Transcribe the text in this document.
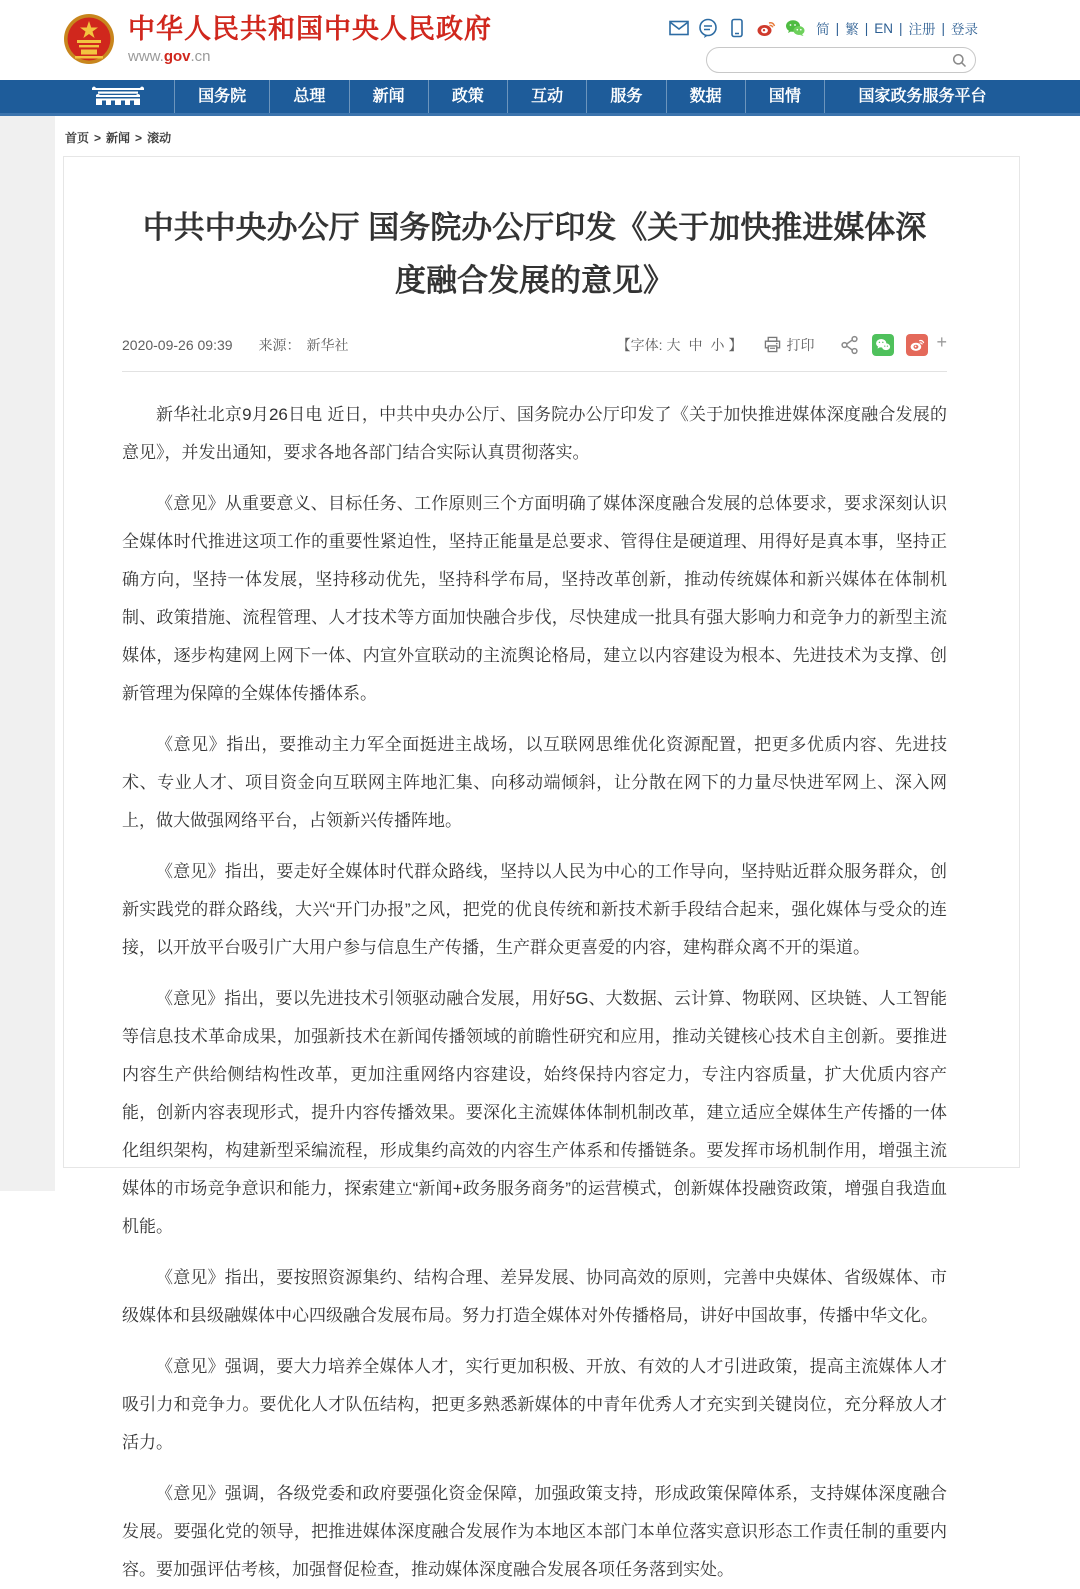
中华人民共和国中央人民政府
www.gov.cn
简 | 繁 | EN | 注册 | 登录
国务院	总理	新闻	政策	互动	服务	数据	国情	国家政务服务平台
首页 > 新闻 > 滚动
中共中央办公厅 国务院办公厅印发《关于加快推进媒体深度融合发展的意见》
2020-09-26 09:39 来源： 新华社	【字体: 大 中 小 】	打印	+

新华社北京9月26日电 近日，中共中央办公厅、国务院办公厅印发了《关于加快推进媒体深度融合发展的意见》，并发出通知，要求各地各部门结合实际认真贯彻落实。

《意见》从重要意义、目标任务、工作原则三个方面明确了媒体深度融合发展的总体要求，要求深刻认识全媒体时代推进这项工作的重要性紧迫性，坚持正能量是总要求、管得住是硬道理、用得好是真本事，坚持正确方向，坚持一体发展，坚持移动优先，坚持科学布局，坚持改革创新，推动传统媒体和新兴媒体在体制机制、政策措施、流程管理、人才技术等方面加快融合步伐，尽快建成一批具有强大影响力和竞争力的新型主流媒体，逐步构建网上网下一体、内宣外宣联动的主流舆论格局，建立以内容建设为根本、先进技术为支撑、创新管理为保障的全媒体传播体系。

《意见》指出，要推动主力军全面挺进主战场，以互联网思维优化资源配置，把更多优质内容、先进技术、专业人才、项目资金向互联网主阵地汇集、向移动端倾斜，让分散在网下的力量尽快进军网上、深入网上，做大做强网络平台，占领新兴传播阵地。

《意见》指出，要走好全媒体时代群众路线，坚持以人民为中心的工作导向，坚持贴近群众服务群众，创新实践党的群众路线，大兴“开门办报”之风，把党的优良传统和新技术新手段结合起来，强化媒体与受众的连接，以开放平台吸引广大用户参与信息生产传播，生产群众更喜爱的内容，建构群众离不开的渠道。

《意见》指出，要以先进技术引领驱动融合发展，用好5G、大数据、云计算、物联网、区块链、人工智能等信息技术革命成果，加强新技术在新闻传播领域的前瞻性研究和应用，推动关键核心技术自主创新。要推进内容生产供给侧结构性改革，更加注重网络内容建设，始终保持内容定力，专注内容质量，扩大优质内容产能，创新内容表现形式，提升内容传播效果。要深化主流媒体体制机制改革，建立适应全媒体生产传播的一体化组织架构，构建新型采编流程，形成集约高效的内容生产体系和传播链条。要发挥市场机制作用，增强主流媒体的市场竞争意识和能力，探索建立“新闻+政务服务商务”的运营模式，创新媒体投融资政策，增强自我造血机能。

《意见》指出，要按照资源集约、结构合理、差异发展、协同高效的原则，完善中央媒体、省级媒体、市级媒体和县级融媒体中心四级融合发展布局。努力打造全媒体对外传播格局，讲好中国故事，传播中华文化。

《意见》强调，要大力培养全媒体人才，实行更加积极、开放、有效的人才引进政策，提高主流媒体人才吸引力和竞争力。要优化人才队伍结构，把更多熟悉新媒体的中青年优秀人才充实到关键岗位，充分释放人才活力。

《意见》强调，各级党委和政府要强化资金保障，加强政策支持，形成政策保障体系，支持媒体深度融合发展。要强化党的领导，把推进媒体深度融合发展作为本地区本部门本单位落实意识形态工作责任制的重要内容。要加强评估考核，加强督促检查，推动媒体深度融合发展各项任务落到实处。
